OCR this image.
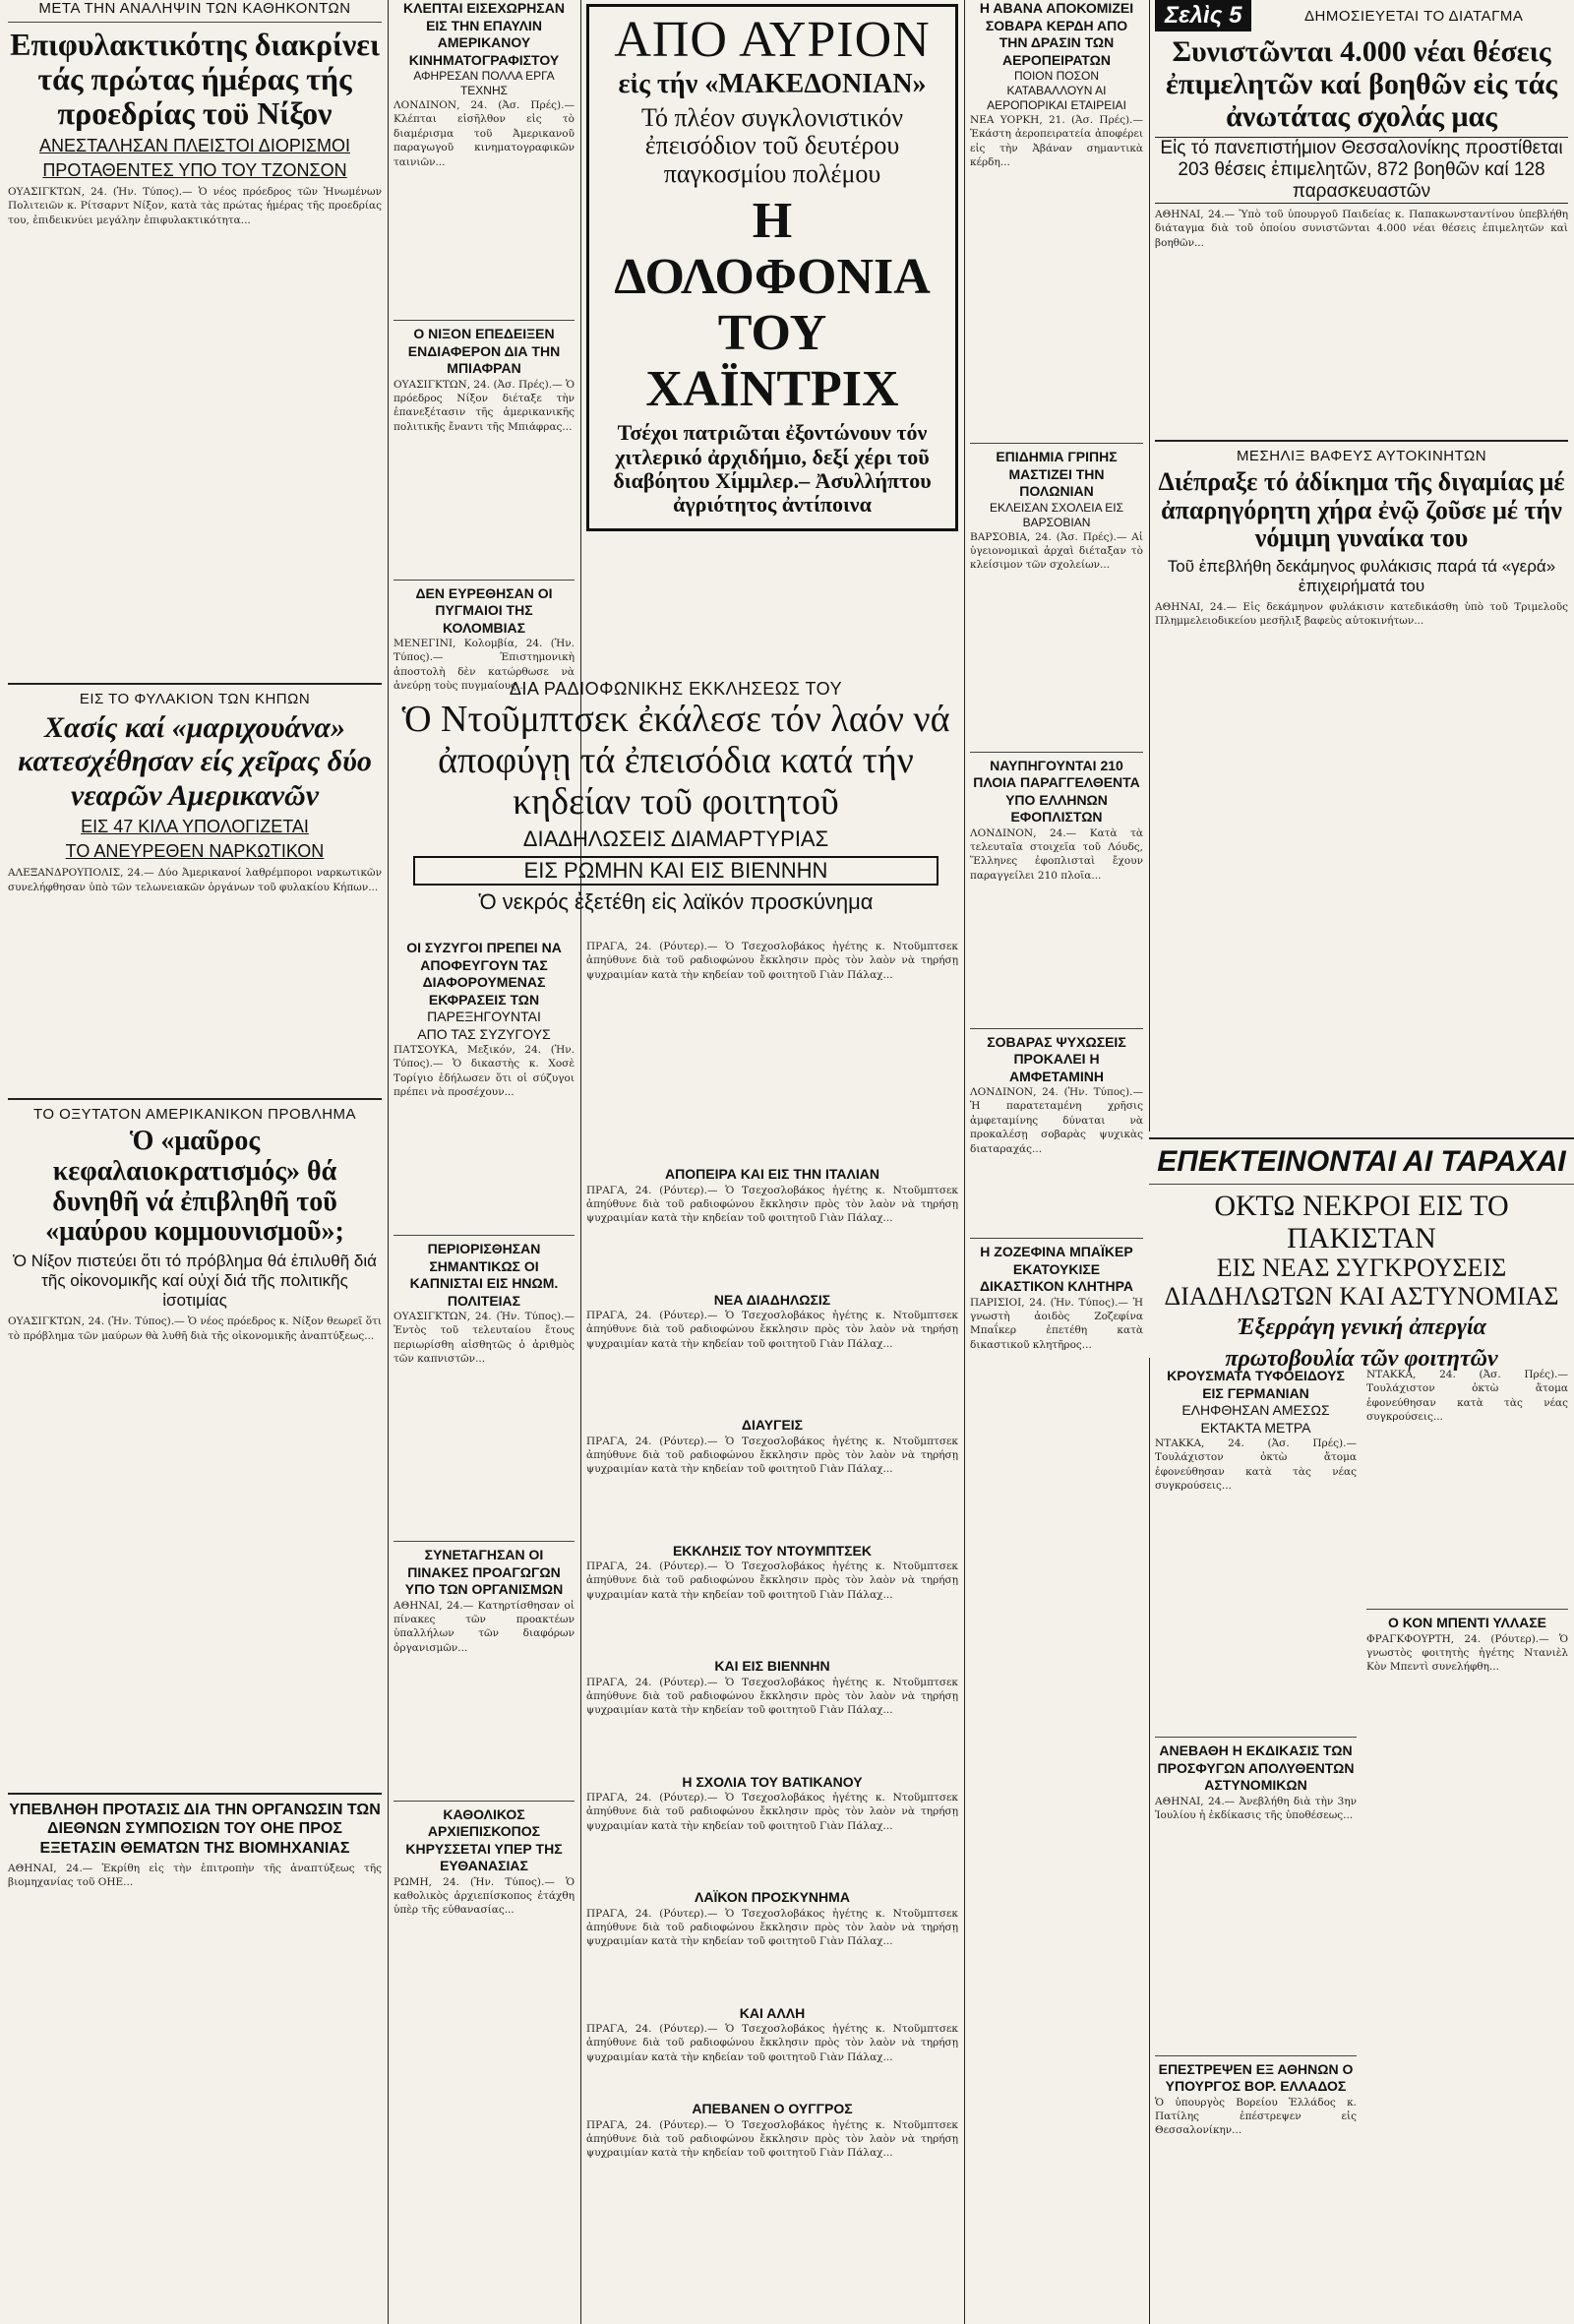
ΜΕΤΑ ΤΗΝ ΑΝΑΛΗΨΙΝ ΤΩΝ ΚΑΘΗΚΟΝΤΩΝ
Επιφυλακτικότης διακρίνει τάς πρώτας ήμέρας τής προεδρίας τοϋ Νίξον
ΑΝΕΣΤΑΛΗΣΑΝ ΠΛΕΙΣΤΟΙ ΔΙΟΡΙΣΜΟΙ
ΠΡΟΤΑΘΕΝΤΕΣ ΥΠΟ ΤΟΥ ΤΖΟΝΣΟΝ
ΟΥΑΣΙΓΚΤΩΝ, 24. (Ἡν. Τύπος).— Ὁ νέος πρόεδρος τῶν Ἡνωμένων Πολιτειῶν κ. Ρίτσαρντ Νίξον, κατὰ τὰς πρώτας ἡμέρας τῆς προεδρίας του, ἐπιδεικνύει μεγάλην ἐπιφυλακτικότητα...
ΕΙΣ ΤΟ ΦΥΛΑΚΙΟΝ ΤΩΝ ΚΗΠΩΝ
Χασίς καί «μαριχουάνα» κατεσχέθησαν είς χεῖρας δύο νεαρῶν Αμερικανῶν
ΕΙΣ 47 ΚΙΛΑ ΥΠΟΛΟΓΙΖΕΤΑΙ
ΤΟ ΑΝΕΥΡΕΘΕΝ ΝΑΡΚΩΤΙΚΟΝ
ΑΛΕΞΑΝΔΡΟΥΠΟΛΙΣ, 24.— Δύο Ἀμερικανοί λαθρέμποροι ναρκωτικῶν συνελήφθησαν ὑπὸ τῶν τελωνειακῶν ὀργάνων τοῦ φυλακίου Κήπων...
ΤΟ ΟΞΥΤΑΤΟΝ ΑΜΕΡΙΚΑΝΙΚΟΝ ΠΡΟΒΛΗΜΑ
Ὁ «μαῦρος κεφαλαιοκρατισμός» θά δυνηθῆ νά ἐπιβληθῆ τοῦ «μαύρου κομμουνισμοῦ»;
Ὁ Νίξον πιστεύει ὅτι τό πρόβλημα θά ἐπιλυθῆ διά τῆς οἰκονομικῆς καί οὐχί διά τῆς πολιτικῆς ἰσοτιμίας
ΟΥΑΣΙΓΚΤΩΝ, 24. (Ἡν. Τύπος).— Ὁ νέος πρόεδρος κ. Νίξον θεωρεῖ ὅτι τὸ πρόβλημα τῶν μαύρων θὰ λυθῆ διὰ τῆς οἰκονομικῆς ἀναπτύξεως...
ΥΠΕΒΛΗΘΗ ΠΡΟΤΑΣΙΣ ΔΙΑ ΤΗΝ ΟΡΓΑΝΩΣΙΝ ΤΩΝ ΔΙΕΘΝΩΝ ΣΥΜΠΟΣΙΩΝ ΤΟΥ ΟΗΕ ΠΡΟΣ ΕΞΕΤΑΣΙΝ ΘΕΜΑΤΩΝ ΤΗΣ ΒΙΟΜΗΧΑΝΙΑΣ
ΑΘΗΝΑΙ, 24.— Ἐκρίθη εἰς τὴν ἐπιτροπὴν τῆς ἀναπτύξεως τῆς βιομηχανίας τοῦ ΟΗΕ...
ΚΛΕΠΤΑΙ ΕΙΣΕΧΩΡΗΣΑΝ ΕΙΣ ΤΗΝ ΕΠΑΥΛΙΝ ΑΜΕΡΙΚΑΝΟΥ ΚΙΝΗΜΑΤΟΓΡΑΦΙΣΤΟΥ
ΑΦΗΡΕΣΑΝ ΠΟΛΛΑ ΕΡΓΑ ΤΕΧΝΗΣ
ΛΟΝΔΙΝΟΝ, 24. (Ἀσ. Πρές).— Κλέπται εἰσῆλθον εἰς τὸ διαμέρισμα τοῦ Ἀμερικανοῦ παραγωγοῦ κινηματογραφικῶν ταινιῶν...
Ο ΝΙΞΟΝ ΕΠΕΔΕΙΞΕΝ ΕΝΔΙΑΦΕΡΟΝ ΔΙΑ ΤΗΝ ΜΠΙΑΦΡΑΝ
ΟΥΑΣΙΓΚΤΩΝ, 24. (Ἀσ. Πρές).— Ὁ πρόεδρος Νίξον διέταξε τὴν ἐπανεξέτασιν τῆς ἀμερικανικῆς πολιτικῆς ἔναντι τῆς Μπιάφρας...
ΔΕΝ ΕΥΡΕΘΗΣΑΝ ΟΙ ΠΥΓΜΑΙΟΙ ΤΗΣ ΚΟΛΟΜΒΙΑΣ
ΜΕΝΕΓΙΝΙ, Κολομβία, 24. (Ἡν. Τύπος).— Ἐπιστημονικὴ ἀποστολὴ δὲν κατώρθωσε νὰ ἀνεύρῃ τοὺς πυγμαίους...
ΑΠΟ ΑΥΡΙΟΝ
εἰς τήν «ΜΑΚΕΔΟΝΙΑΝ»
Τό πλέον συγκλονιστικόν ἐπεισόδιον τοῦ δευτέρου παγκοσμίου πολέμου
Η ΔΟΛΟΦΟΝΙΑ ΤΟΥ ΧΑΪΝΤΡΙΧ
Τσέχοι πατριῶται ἐξοντώνουν τόν χιτλερικό ἀρχιδήμιο, δεξί χέρι τοῦ διαβόητου Χίμμλερ.– Ἀσυλλήπτου ἀγριότητος ἀντίποινα
ΔΙΑ ΡΑΔΙΟΦΩΝΙΚΗΣ ΕΚΚΛΗΣΕΩΣ ΤΟΥ
Ὁ Ντοῦμπτσεκ ἐκάλεσε τόν λαόν νά ἀποφύγῃ τά ἐπεισόδια κατά τήν κηδείαν τοῦ φοιτητοῦ
ΔΙΑΔΗΛΩΣΕΙΣ ΔΙΑΜΑΡΤΥΡΙΑΣ
ΕΙΣ ΡΩΜΗΝ ΚΑΙ ΕΙΣ ΒΙΕΝΝΗΝ
Ὁ νεκρός ἐξετέθη εἰς λαϊκόν προσκύνημα
ΟΙ ΣΥΖΥΓΟΙ ΠΡΕΠΕΙ ΝΑ ΑΠΟΦΕΥΓΟΥΝ ΤΑΣ ΔΙΑΦΟΡΟΥΜΕΝΑΣ ΕΚΦΡΑΣΕΙΣ ΤΩΝ
ΠΑΡΕΞΗΓΟΥΝΤΑΙ
ΑΠΟ ΤΑΣ ΣΥΖΥΓΟΥΣ
ΠΑΤΣΟΥΚΑ, Μεξικόν, 24. (Ἡν. Τύπος).— Ὁ δικαστὴς κ. Χοσὲ Τορίγιο ἐδήλωσεν ὅτι οἱ σύζυγοι πρέπει νὰ προσέχουν...
ΠΕΡΙΟΡΙΣΘΗΣΑΝ ΣΗΜΑΝΤΙΚΩΣ ΟΙ ΚΑΠΝΙΣΤΑΙ ΕΙΣ ΗΝΩΜ. ΠΟΛΙΤΕΙΑΣ
ΟΥΑΣΙΓΚΤΩΝ, 24. (Ἡν. Τύπος).— Ἐντὸς τοῦ τελευταίου ἔτους περιωρίσθη αἰσθητῶς ὁ ἀριθμὸς τῶν καπνιστῶν...
ΣΥΝΕΤΑΓΗΣΑΝ ΟΙ ΠΙΝΑΚΕΣ ΠΡΟΑΓΩΓΩΝ ΥΠΟ ΤΩΝ ΟΡΓΑΝΙΣΜΩΝ
ΑΘΗΝΑΙ, 24.— Κατηρτίσθησαν οἱ πίνακες τῶν προακτέων ὑπαλλήλων τῶν διαφόρων ὀργανισμῶν...
ΚΑΘΟΛΙΚΟΣ ΑΡΧΙΕΠΙΣΚΟΠΟΣ ΚΗΡΥΣΣΕΤΑΙ ΥΠΕΡ ΤΗΣ ΕΥΘΑΝΑΣΙΑΣ
ΡΩΜΗ, 24. (Ἡν. Τύπος).— Ὁ καθολικὸς ἀρχιεπίσκοπος ἐτάχθη ὑπὲρ τῆς εὐθανασίας...
ΠΡΑΓΑ, 24. (Ρόυτερ).— Ὁ Τσεχοσλοβάκος ἡγέτης κ. Ντοῦμπτσεκ ἀπηύθυνε διὰ τοῦ ραδιοφώνου ἔκκλησιν πρὸς τὸν λαὸν νὰ τηρήσῃ ψυχραιμίαν κατὰ τὴν κηδείαν τοῦ φοιτητοῦ Γιὰν Πάλαχ...
ΑΠΟΠΕΙΡΑ ΚΑΙ ΕΙΣ ΤΗΝ ΙΤΑΛΙΑΝ
ΠΡΑΓΑ, 24. (Ρόυτερ).— Ὁ Τσεχοσλοβάκος ἡγέτης κ. Ντοῦμπτσεκ ἀπηύθυνε διὰ τοῦ ραδιοφώνου ἔκκλησιν πρὸς τὸν λαὸν νὰ τηρήσῃ ψυχραιμίαν κατὰ τὴν κηδείαν τοῦ φοιτητοῦ Γιὰν Πάλαχ...
ΝΕΑ ΔΙΑΔΗΛΩΣΙΣ
ΠΡΑΓΑ, 24. (Ρόυτερ).— Ὁ Τσεχοσλοβάκος ἡγέτης κ. Ντοῦμπτσεκ ἀπηύθυνε διὰ τοῦ ραδιοφώνου ἔκκλησιν πρὸς τὸν λαὸν νὰ τηρήσῃ ψυχραιμίαν κατὰ τὴν κηδείαν τοῦ φοιτητοῦ Γιὰν Πάλαχ...
ΔΙΑΥΓΕΙΣ
ΠΡΑΓΑ, 24. (Ρόυτερ).— Ὁ Τσεχοσλοβάκος ἡγέτης κ. Ντοῦμπτσεκ ἀπηύθυνε διὰ τοῦ ραδιοφώνου ἔκκλησιν πρὸς τὸν λαὸν νὰ τηρήσῃ ψυχραιμίαν κατὰ τὴν κηδείαν τοῦ φοιτητοῦ Γιὰν Πάλαχ...
ΕΚΚΛΗΣΙΣ ΤΟΥ ΝΤΟΥΜΠΤΣΕΚ
ΠΡΑΓΑ, 24. (Ρόυτερ).— Ὁ Τσεχοσλοβάκος ἡγέτης κ. Ντοῦμπτσεκ ἀπηύθυνε διὰ τοῦ ραδιοφώνου ἔκκλησιν πρὸς τὸν λαὸν νὰ τηρήσῃ ψυχραιμίαν κατὰ τὴν κηδείαν τοῦ φοιτητοῦ Γιὰν Πάλαχ...
ΚΑΙ ΕΙΣ ΒΙΕΝΝΗΝ
ΠΡΑΓΑ, 24. (Ρόυτερ).— Ὁ Τσεχοσλοβάκος ἡγέτης κ. Ντοῦμπτσεκ ἀπηύθυνε διὰ τοῦ ραδιοφώνου ἔκκλησιν πρὸς τὸν λαὸν νὰ τηρήσῃ ψυχραιμίαν κατὰ τὴν κηδείαν τοῦ φοιτητοῦ Γιὰν Πάλαχ...
Η ΣΧΟΛΙΑ ΤΟΥ ΒΑΤΙΚΑΝΟΥ
ΠΡΑΓΑ, 24. (Ρόυτερ).— Ὁ Τσεχοσλοβάκος ἡγέτης κ. Ντοῦμπτσεκ ἀπηύθυνε διὰ τοῦ ραδιοφώνου ἔκκλησιν πρὸς τὸν λαὸν νὰ τηρήσῃ ψυχραιμίαν κατὰ τὴν κηδείαν τοῦ φοιτητοῦ Γιὰν Πάλαχ...
ΛΑΪΚΟΝ ΠΡΟΣΚΥΝΗΜΑ
ΠΡΑΓΑ, 24. (Ρόυτερ).— Ὁ Τσεχοσλοβάκος ἡγέτης κ. Ντοῦμπτσεκ ἀπηύθυνε διὰ τοῦ ραδιοφώνου ἔκκλησιν πρὸς τὸν λαὸν νὰ τηρήσῃ ψυχραιμίαν κατὰ τὴν κηδείαν τοῦ φοιτητοῦ Γιὰν Πάλαχ...
ΚΑΙ ΑΛΛΗ
ΠΡΑΓΑ, 24. (Ρόυτερ).— Ὁ Τσεχοσλοβάκος ἡγέτης κ. Ντοῦμπτσεκ ἀπηύθυνε διὰ τοῦ ραδιοφώνου ἔκκλησιν πρὸς τὸν λαὸν νὰ τηρήσῃ ψυχραιμίαν κατὰ τὴν κηδείαν τοῦ φοιτητοῦ Γιὰν Πάλαχ...
ΑΠΕΒΑΝΕΝ Ο ΟΥΓΓΡΟΣ
ΠΡΑΓΑ, 24. (Ρόυτερ).— Ὁ Τσεχοσλοβάκος ἡγέτης κ. Ντοῦμπτσεκ ἀπηύθυνε διὰ τοῦ ραδιοφώνου ἔκκλησιν πρὸς τὸν λαὸν νὰ τηρήσῃ ψυχραιμίαν κατὰ τὴν κηδείαν τοῦ φοιτητοῦ Γιὰν Πάλαχ...
Η ΑΒΑΝΑ ΑΠΟΚΟΜΙΖΕΙ ΣΟΒΑΡΑ ΚΕΡΔΗ ΑΠΟ ΤΗΝ ΔΡΑΣΙΝ ΤΩΝ ΑΕΡΟΠΕΙΡΑΤΩΝ
ΠΟΙΟΝ ΠΟΣΟΝ ΚΑΤΑΒΑΛΛΟΥΝ ΑΙ ΑΕΡΟΠΟΡΙΚΑΙ ΕΤΑΙΡΕΙΑΙ
ΝΕΑ ΥΟΡΚΗ, 21. (Ἀσ. Πρές).— Ἐκάστη ἀεροπειρατεία ἀποφέρει εἰς τὴν Ἀβάναν σημαντικὰ κέρδη...
ΕΠΙΔΗΜΙΑ ΓΡΙΠΗΣ ΜΑΣΤΙΖΕΙ ΤΗΝ ΠΟΛΩΝΙΑΝ
ΕΚΛΕΙΣΑΝ ΣΧΟΛΕΙΑ ΕΙΣ ΒΑΡΣΟΒΙΑΝ
ΒΑΡΣΟΒΙΑ, 24. (Ἀσ. Πρές).— Αἱ ὑγειονομικαὶ ἀρχαὶ διέταξαν τὸ κλείσιμον τῶν σχολείων...
ΝΑΥΠΗΓΟΥΝΤΑΙ 210 ΠΛΟΙΑ ΠΑΡΑΓΓΕΛΘΕΝΤΑ ΥΠΟ ΕΛΛΗΝΩΝ ΕΦΟΠΛΙΣΤΩΝ
ΛΟΝΔΙΝΟΝ, 24.— Κατὰ τὰ τελευταῖα στοιχεῖα τοῦ Λόυδς, Ἕλληνες ἐφοπλισταὶ ἔχουν παραγγείλει 210 πλοῖα...
ΣΟΒΑΡΑΣ ΨΥΧΩΣΕΙΣ ΠΡΟΚΑΛΕΙ Η ΑΜΦΕΤΑΜΙΝΗ
ΛΟΝΔΙΝΟΝ, 24. (Ἡν. Τύπος).— Ἡ παρατεταμένη χρῆσις ἀμφεταμίνης δύναται νὰ προκαλέσῃ σοβαρὰς ψυχικὰς διαταραχάς...
Η ΖΟΖΕΦΙΝΑ ΜΠΑΪΚΕΡ ΕΚΑΤΟΥΚΙΣΕ ΔΙΚΑΣΤΙΚΟΝ ΚΛΗΤΗΡΑ
ΠΑΡΙΣΙΟΙ, 24. (Ἡν. Τύπος).— Ἡ γνωστὴ ἀοιδὸς Ζοζεφίνα Μπαΐκερ ἐπετέθη κατὰ δικαστικοῦ κλητῆρος...
Σελὶς 5	ΔΗΜΟΣΙΕΥΕΤΑΙ ΤΟ ΔΙΑΤΑΓΜΑ
Συνιστῶνται 4.000 νέαι θέσεις ἐπιμελητῶν καί βοηθῶν εἰς τάς ἀνωτάτας σχολάς μας
Εἰς τό πανεπιστήμιον Θεσσαλονίκης προστίθεται 203 θέσεις ἐπιμελητῶν, 872 βοηθῶν καί 128 παρασκευαστῶν
ΑΘΗΝΑΙ, 24.— Ὑπὸ τοῦ ὑπουργοῦ Παιδείας κ. Παπακωνσταντίνου ὑπεβλήθη διάταγμα διὰ τοῦ ὁποίου συνιστῶνται 4.000 νέαι θέσεις ἐπιμελητῶν καὶ βοηθῶν...
ΜΕΣΗΛΙΞ ΒΑΦΕΥΣ ΑΥΤΟΚΙΝΗΤΩΝ
Διέπραξε τό ἀδίκημα τῆς διγαμίας μέ ἀπαρηγόρητη χήρα ἐνῷ ζοῦσε μέ τήν νόμιμη γυναίκα του
Τοῦ ἐπεβλήθη δεκάμηνος φυλάκισις παρά τά «γερά» ἐπιχειρήματά του
ΑΘΗΝΑΙ, 24.— Εἰς δεκάμηνον φυλάκισιν κατεδικάσθη ὑπὸ τοῦ Τριμελοῦς Πλημμελειοδικείου μεσῆλιξ βαφεὺς αὐτοκινήτων...
ΕΠΕΚΤΕΙΝΟΝΤΑΙ ΑΙ ΤΑΡΑΧΑΙ
ΟΚΤΩ ΝΕΚΡΟΙ ΕΙΣ ΤΟ ΠΑΚΙΣΤΑΝ
ΕΙΣ ΝΕΑΣ ΣΥΓΚΡΟΥΣΕΙΣ ΔΙΑΔΗΛΩΤΩΝ ΚΑΙ ΑΣΤΥΝΟΜΙΑΣ
Ἐξερράγη γενική ἀπεργία
πρωτοβουλία τῶν φοιτητῶν
ΚΡΟΥΣΜΑΤΑ ΤΥΦΟΕΙΔΟΥΣ ΕΙΣ ΓΕΡΜΑΝΙΑΝ
ΕΛΗΦΘΗΣΑΝ ΑΜΕΣΩΣ
ΕΚΤΑΚΤΑ ΜΕΤΡΑ
ΝΤΑΚΚΑ, 24. (Ἀσ. Πρές).— Τουλάχιστον ὀκτὼ ἄτομα ἐφονεύθησαν κατὰ τὰς νέας συγκρούσεις...
ΑΝΕΒΑΘΗ Η ΕΚΔΙΚΑΣΙΣ ΤΩΝ ΠΡΟΣΦΥΓΩΝ ΑΠΟΛΥΘΕΝΤΩΝ ΑΣΤΥΝΟΜΙΚΩΝ
ΑΘΗΝΑΙ, 24.— Ἀνεβλήθη διὰ τὴν 3ην Ἰουλίου ἡ ἐκδίκασις τῆς ὑποθέσεως...
ΕΠΕΣΤΡΕΨΕΝ ΕΞ ΑΘΗΝΩΝ Ο ΥΠΟΥΡΓΟΣ ΒΟΡ. ΕΛΛΑΔΟΣ
Ὁ ὑπουργὸς Βορείου Ἑλλάδος κ. Πατίλης ἐπέστρεψεν εἰς Θεσσαλονίκην...
ΝΤΑΚΚΑ, 24. (Ἀσ. Πρές).— Τουλάχιστον ὀκτὼ ἄτομα ἐφονεύθησαν κατὰ τὰς νέας συγκρούσεις...
Ο ΚΟΝ ΜΠΕΝΤΙ ΥΛΛΑΣΕ
ΦΡΑΓΚΦΟΥΡΤΗ, 24. (Ρόυτερ).— Ὁ γνωστὸς φοιτητὴς ἡγέτης Ντανιὲλ Κὸν Μπεντὶ συνελήφθη...
